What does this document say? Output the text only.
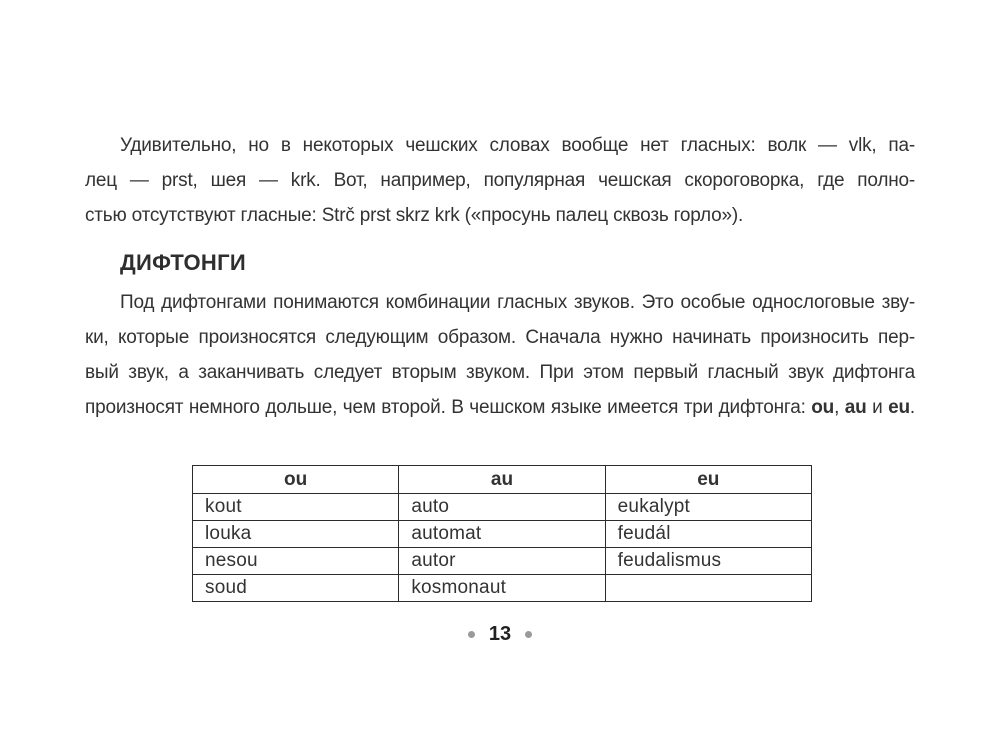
Удивительно, но в некоторых чешских словах вообще нет гласных: волк — vlk, па-
лец — prst, шея — krk. Вот, например, популярная чешская скороговорка, где полно-
стью отсутствуют гласные: Strč prst skrz krk («просунь палец сквозь горло»).
ДИФТОНГИ
Под дифтонгами понимаются комбинации гласных звуков. Это особые однослоговые зву-
ки, которые произносятся следующим образом. Сначала нужно начинать произносить пер-
вый звук, а заканчивать следует вторым звуком. При этом первый гласный звук дифтонга
произносят немного дольше, чем второй. В чешском языке имеется три дифтонга: ou, au и eu.
ou	au	eu
kout	auto	eukalypt
louka	automat	feudál
nesou	autor	feudalismus
soud	kosmonaut	
13
